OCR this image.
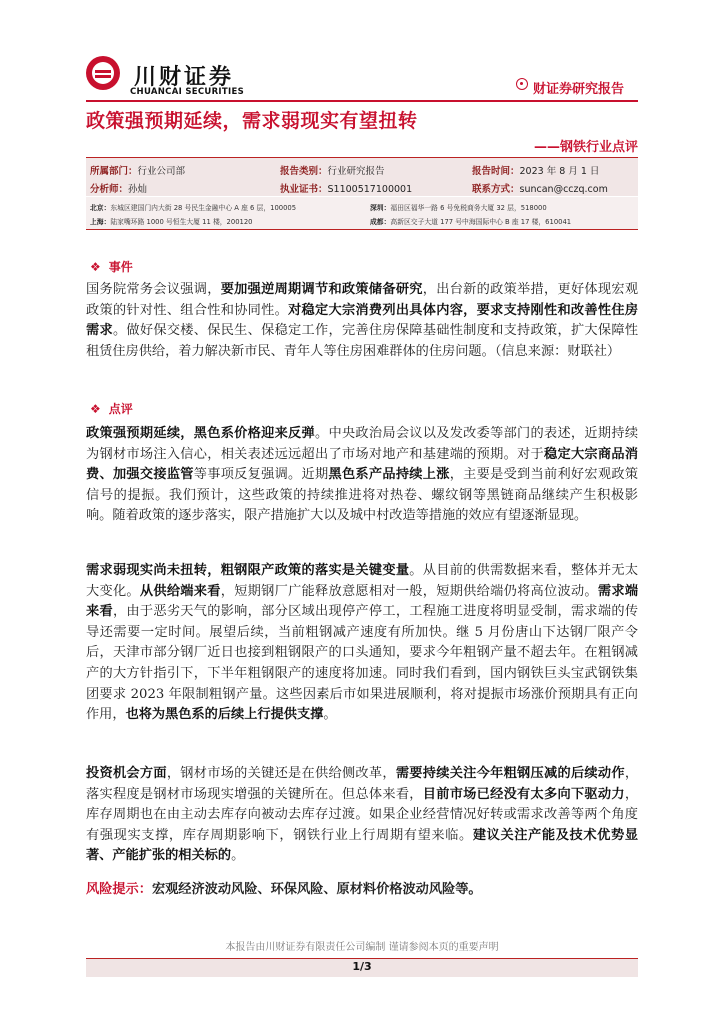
川财证券
CHUANCAI SECURITIES	财证券研究报告
政策强预期延续，需求弱现实有望扭转
——钢铁行业点评
所属部门：行业公司部	报告类别：行业研究报告	报告时间：2023 年 8 月 1 日
分析师：孙灿	执业证书：S1100517100001	联系方式：suncan@cczq.com
北京：东城区建国门内大街 28 号民生金融中心 A 座 6 层，100005	深圳：福田区福华一路 6 号免税商务大厦 32 层，518000
上海：陆家嘴环路 1000 号恒生大厦 11 楼，200120	成都：高新区交子大道 177 号中海国际中心 B 座 17 楼，610041
❖ 事件
国务院常务会议强调，要加强逆周期调节和政策储备研究，出台新的政策举措，更好体现宏观政策的针对性、组合性和协同性。对稳定大宗消费列出具体内容，要求支持刚性和改善性住房需求。做好保交楼、保民生、保稳定工作，完善住房保障基础性制度和支持政策，扩大保障性租赁住房供给，着力解决新市民、青年人等住房困难群体的住房问题。（信息来源：财联社）
❖ 点评
政策强预期延续，黑色系价格迎来反弹。中央政治局会议以及发改委等部门的表述，近期持续为钢材市场注入信心，相关表述远远超出了市场对地产和基建端的预期。对于稳定大宗商品消费、加强交接监管等事项反复强调。近期黑色系产品持续上涨，主要是受到当前利好宏观政策信号的提振。我们预计，这些政策的持续推进将对热卷、螺纹钢等黑链商品继续产生积极影响。随着政策的逐步落实，限产措施扩大以及城中村改造等措施的效应有望逐渐显现。
需求弱现实尚未扭转，粗钢限产政策的落实是关键变量。从目前的供需数据来看，整体并无太大变化。从供给端来看，短期钢厂广能释放意愿相对一般，短期供给端仍将高位波动。需求端来看，由于恶劣天气的影响，部分区域出现停产停工，工程施工进度将明显受制，需求端的传导还需要一定时间。展望后续，当前粗钢减产速度有所加快。继 5 月份唐山下达钢厂限产令后，天津市部分钢厂近日也接到粗钢限产的口头通知，要求今年粗钢产量不超去年。在粗钢减产的大方针指引下，下半年粗钢限产的速度将加速。同时我们看到，国内钢铁巨头宝武钢铁集团要求 2023 年限制粗钢产量。这些因素后市如果进展顺利，将对提振市场涨价预期具有正向作用，也将为黑色系的后续上行提供支撑。
投资机会方面，钢材市场的关键还是在供给侧改革，需要持续关注今年粗钢压减的后续动作，落实程度是钢材市场现实增强的关键所在。但总体来看，目前市场已经没有太多向下驱动力，库存周期也在由主动去库存向被动去库存过渡。如果企业经营情况好转或需求改善等两个角度有强现实支撑，库存周期影响下，钢铁行业上行周期有望来临。建议关注产能及技术优势显著、产能扩张的相关标的。
风险提示：宏观经济波动风险、环保风险、原材料价格波动风险等。
本报告由川财证券有限责任公司编制 谨请参阅本页的重要声明
1/3
